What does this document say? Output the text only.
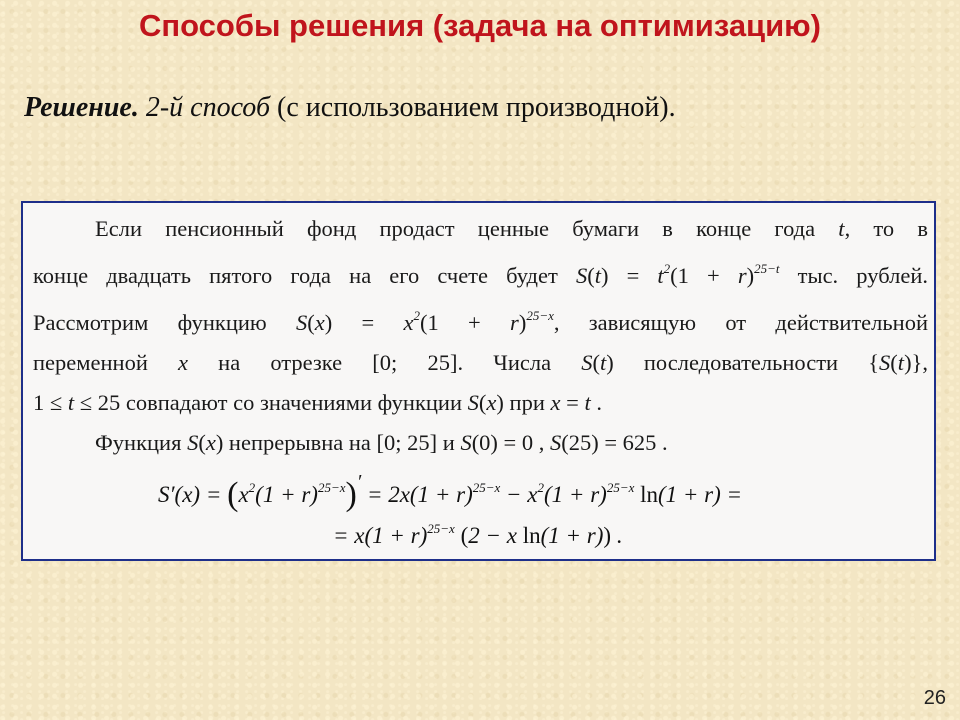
Способы решения (задача на оптимизацию)
Решение. 2-й способ (с использованием производной).
Если пенсионный фонд продаст ценные бумаги в конце года t, то в
конце двадцать пятого года на его счете будет $S(t) = t^2(1 + r)^{25-t}$ тыс. рублей.
Рассмотрим функцию $S(x) = x^2(1 + r)^{25-x}$, зависящую от действительной
переменной x на отрезке [0; 25]. Числа S(t) последовательности {S(t)},
1 ≤ t ≤ 25 совпадают со значениями функции S(x) при x = t .
Функция S(x) непрерывна на [0; 25] и S(0) = 0 , S(25) = 625 .
$S'(x) = (x^2(1 + r)^{25-x})' = 2x(1 + r)^{25-x} - x^2(1 + r)^{25-x}$ ln(1 + r) =
= $x(1 + r)^{25-x}$ (2 − x ln(1 + r)) .
26
